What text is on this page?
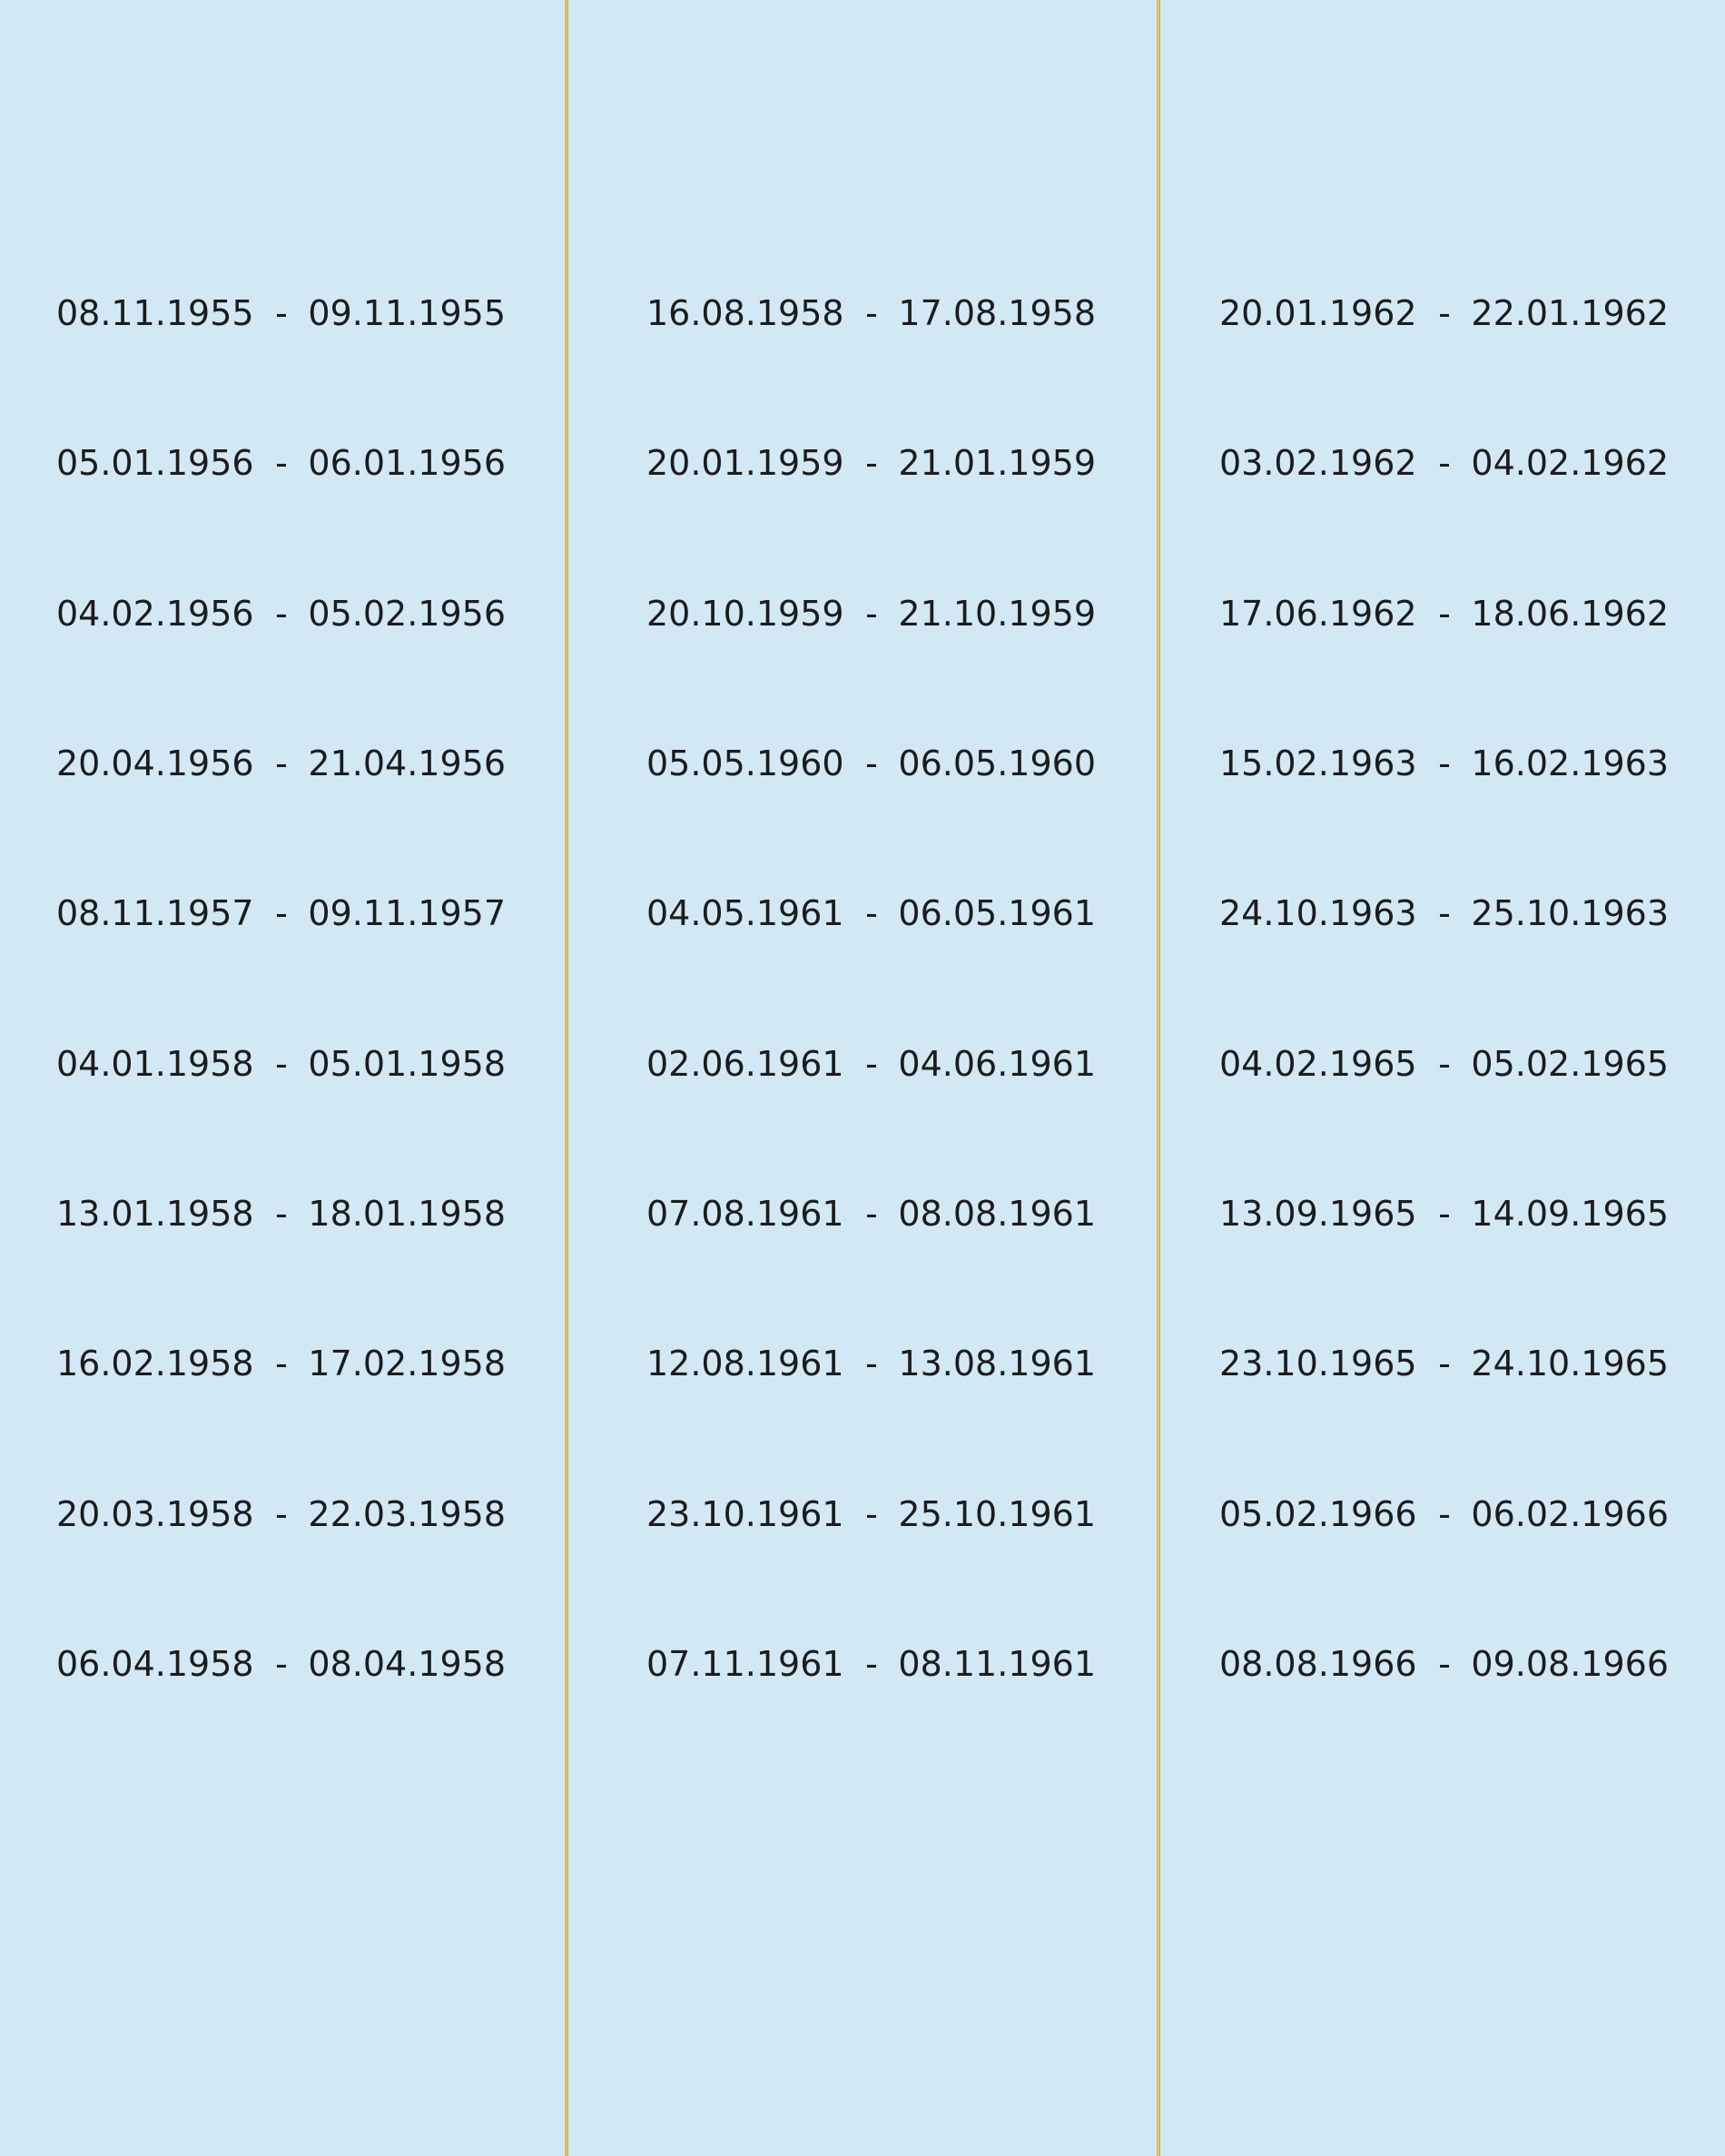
08.11.1955 - 09.11.1955
05.01.1956 - 06.01.1956
04.02.1956 - 05.02.1956
20.04.1956 - 21.04.1956
08.11.1957 - 09.11.1957
04.01.1958 - 05.01.1958
13.01.1958 - 18.01.1958
16.02.1958 - 17.02.1958
20.03.1958 - 22.03.1958
06.04.1958 - 08.04.1958
16.08.1958 - 17.08.1958
20.01.1959 - 21.01.1959
20.10.1959 - 21.10.1959
05.05.1960 - 06.05.1960
04.05.1961 - 06.05.1961
02.06.1961 - 04.06.1961
07.08.1961 - 08.08.1961
12.08.1961 - 13.08.1961
23.10.1961 - 25.10.1961
07.11.1961 - 08.11.1961
20.01.1962 - 22.01.1962
03.02.1962 - 04.02.1962
17.06.1962 - 18.06.1962
15.02.1963 - 16.02.1963
24.10.1963 - 25.10.1963
04.02.1965 - 05.02.1965
13.09.1965 - 14.09.1965
23.10.1965 - 24.10.1965
05.02.1966 - 06.02.1966
08.08.1966 - 09.08.1966
